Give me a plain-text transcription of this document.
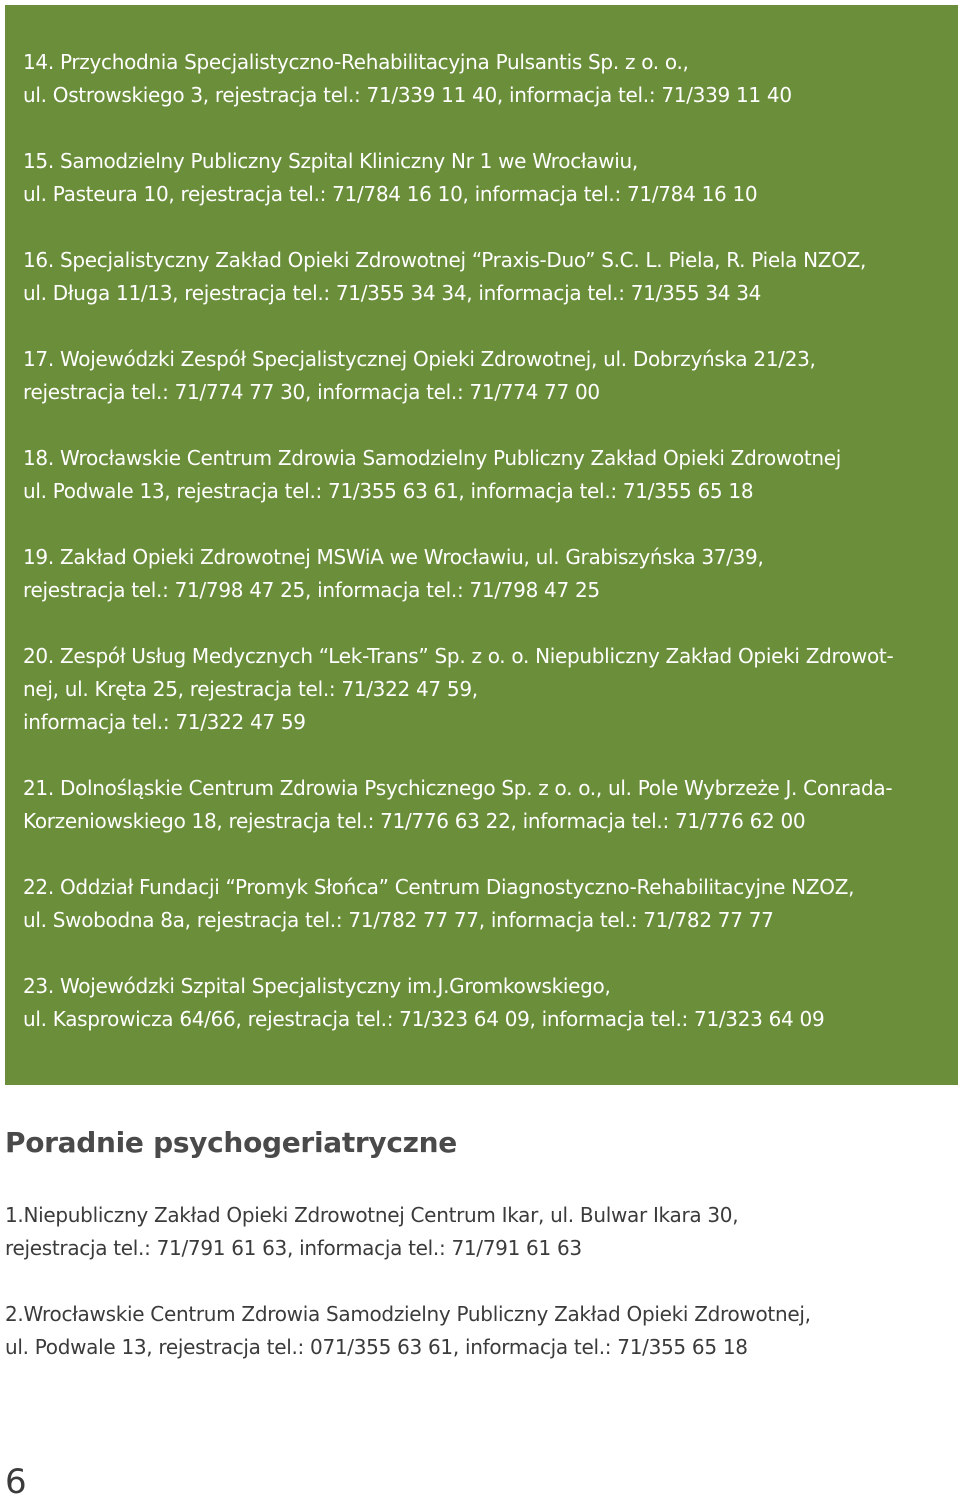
14. Przychodnia Specjalistyczno-Rehabilitacyjna Pulsantis Sp. z o. o.,
ul. Ostrowskiego 3, rejestracja tel.: 71/339 11 40, informacja tel.: 71/339 11 40
15. Samodzielny Publiczny Szpital Kliniczny Nr 1 we Wrocławiu,
ul. Pasteura 10, rejestracja tel.: 71/784 16 10, informacja tel.: 71/784 16 10
16. Specjalistyczny Zakład Opieki Zdrowotnej “Praxis-Duo” S.C. L. Piela, R. Piela NZOZ,
ul. Długa 11/13, rejestracja tel.: 71/355 34 34, informacja tel.: 71/355 34 34
17. Wojewódzki Zespół Specjalistycznej Opieki Zdrowotnej, ul. Dobrzyńska 21/23,
rejestracja tel.: 71/774 77 30, informacja tel.: 71/774 77 00
18. Wrocławskie Centrum Zdrowia Samodzielny Publiczny Zakład Opieki Zdrowotnej
ul. Podwale 13, rejestracja tel.: 71/355 63 61, informacja tel.: 71/355 65 18
19. Zakład Opieki Zdrowotnej MSWiA we Wrocławiu, ul. Grabiszyńska 37/39,
rejestracja tel.: 71/798 47 25, informacja tel.: 71/798 47 25
20. Zespół Usług Medycznych “Lek-Trans” Sp. z o. o. Niepubliczny Zakład Opieki Zdrowot-
nej, ul. Kręta 25, rejestracja tel.: 71/322 47 59,
informacja tel.: 71/322 47 59
21. Dolnośląskie Centrum Zdrowia Psychicznego Sp. z o. o., ul. Pole Wybrzeże J. Conrada-
Korzeniowskiego 18, rejestracja tel.: 71/776 63 22, informacja tel.: 71/776 62 00
22. Oddział Fundacji “Promyk Słońca” Centrum Diagnostyczno-Rehabilitacyjne NZOZ,
ul. Swobodna 8a, rejestracja tel.: 71/782 77 77, informacja tel.: 71/782 77 77
23. Wojewódzki Szpital Specjalistyczny im.J.Gromkowskiego,
ul. Kasprowicza 64/66, rejestracja tel.: 71/323 64 09, informacja tel.: 71/323 64 09
Poradnie psychogeriatryczne
1.Niepubliczny Zakład Opieki Zdrowotnej Centrum Ikar, ul. Bulwar Ikara 30,
rejestracja tel.: 71/791 61 63, informacja tel.: 71/791 61 63
2.Wrocławskie Centrum Zdrowia Samodzielny Publiczny Zakład Opieki Zdrowotnej,
ul. Podwale 13, rejestracja tel.: 071/355 63 61, informacja tel.: 71/355 65 18
6
